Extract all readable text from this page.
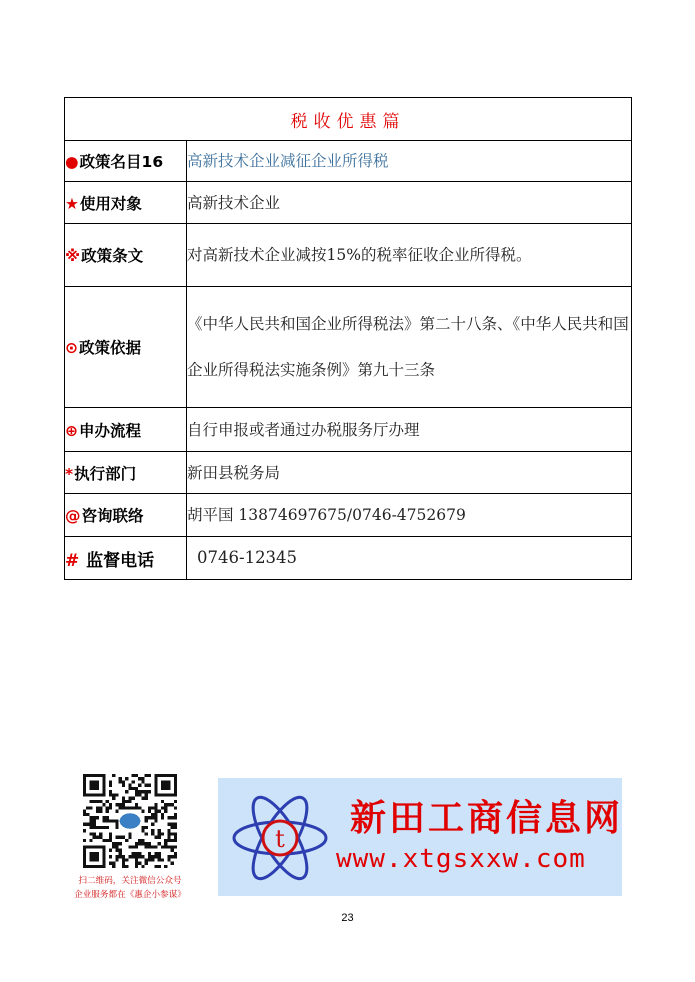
税收优惠篇	
●政策名目16	高新技术企业减征企业所得税
★使用对象	高新技术企业
※政策条文	对高新技术企业减按15%的税率征收企业所得税。
⊙政策依据	《中华人民共和国企业所得税法》第二十八条、《中华人民共和国企业所得税法实施条例》第九十三条
⊕申办流程	自行申报或者通过办税服务厅办理
*执行部门	新田县税务局
@咨询联络	胡平国 13874697675/0746-4752679
# 监督电话	0746-12345
扫二维码，关注微信公众号
企业服务都在《惠企小参谋》
t 新田工商信息网
www.xtgsxxw.com
23
